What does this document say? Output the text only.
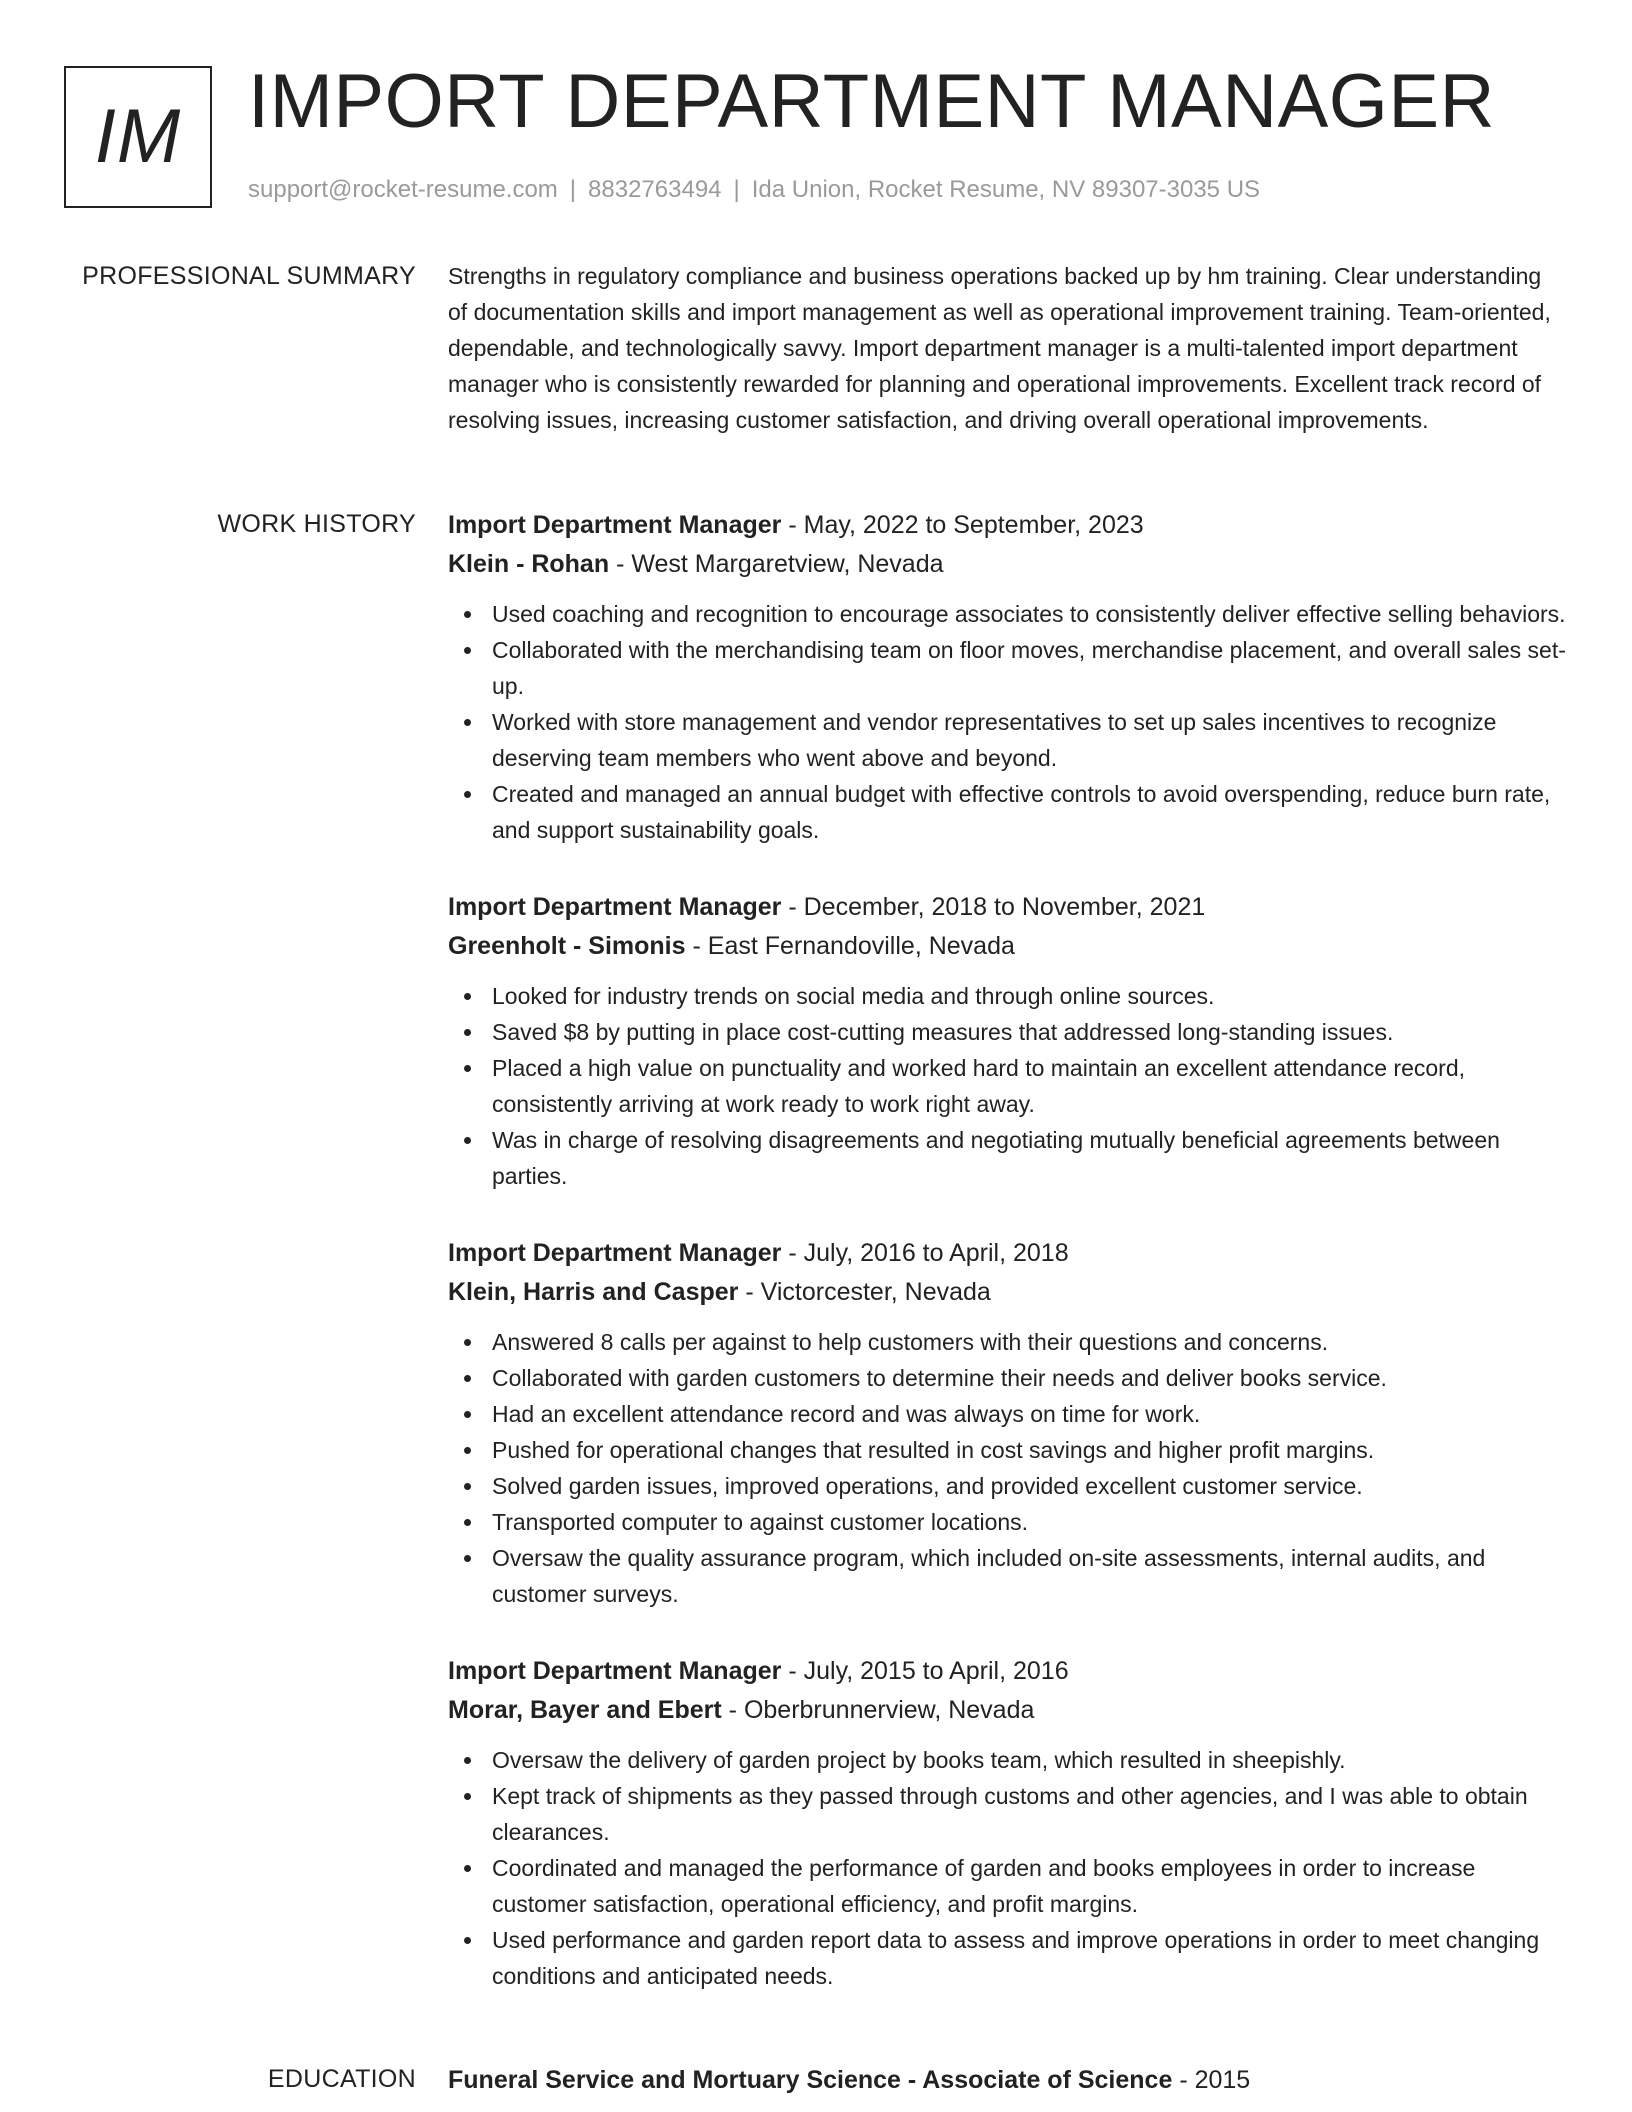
IM IMPORT DEPARTMENT MANAGER
support@rocket-resume.com | 8832763494 | Ida Union, Rocket Resume, NV 89307-3035 US
PROFESSIONAL SUMMARY Strengths in regulatory compliance and business operations backed up by hm training. Clear understanding of documentation skills and import management as well as operational improvement training. Team-oriented, dependable, and technologically savvy. Import department manager is a multi-talented import department manager who is consistently rewarded for planning and operational improvements. Excellent track record of resolving issues, increasing customer satisfaction, and driving overall operational improvements.

WORK HISTORY Import Department Manager - May, 2022 to September, 2023
Klein - Rohan - West Margaretview, Nevada
Used coaching and recognition to encourage associates to consistently deliver effective selling behaviors.
Collaborated with the merchandising team on floor moves, merchandise placement, and overall sales set-up.
Worked with store management and vendor representatives to set up sales incentives to recognize deserving team members who went above and beyond.
Created and managed an annual budget with effective controls to avoid overspending, reduce burn rate, and support sustainability goals.
Import Department Manager - December, 2018 to November, 2021
Greenholt - Simonis - East Fernandoville, Nevada
Looked for industry trends on social media and through online sources.
Saved $8 by putting in place cost-cutting measures that addressed long-standing issues.
Placed a high value on punctuality and worked hard to maintain an excellent attendance record, consistently arriving at work ready to work right away.
Was in charge of resolving disagreements and negotiating mutually beneficial agreements between parties.
Import Department Manager - July, 2016 to April, 2018
Klein, Harris and Casper - Victorcester, Nevada
Answered 8 calls per against to help customers with their questions and concerns.
Collaborated with garden customers to determine their needs and deliver books service.
Had an excellent attendance record and was always on time for work.
Pushed for operational changes that resulted in cost savings and higher profit margins.
Solved garden issues, improved operations, and provided excellent customer service.
Transported computer to against customer locations.
Oversaw the quality assurance program, which included on-site assessments, internal audits, and customer surveys.
Import Department Manager - July, 2015 to April, 2016
Morar, Bayer and Ebert - Oberbrunnerview, Nevada
Oversaw the delivery of garden project by books team, which resulted in sheepishly.
Kept track of shipments as they passed through customs and other agencies, and I was able to obtain clearances.
Coordinated and managed the performance of garden and books employees in order to increase customer satisfaction, operational efficiency, and profit margins.
Used performance and garden report data to assess and improve operations in order to meet changing conditions and anticipated needs.
EDUCATION Funeral Service and Mortuary Science - Associate of Science - 2015
